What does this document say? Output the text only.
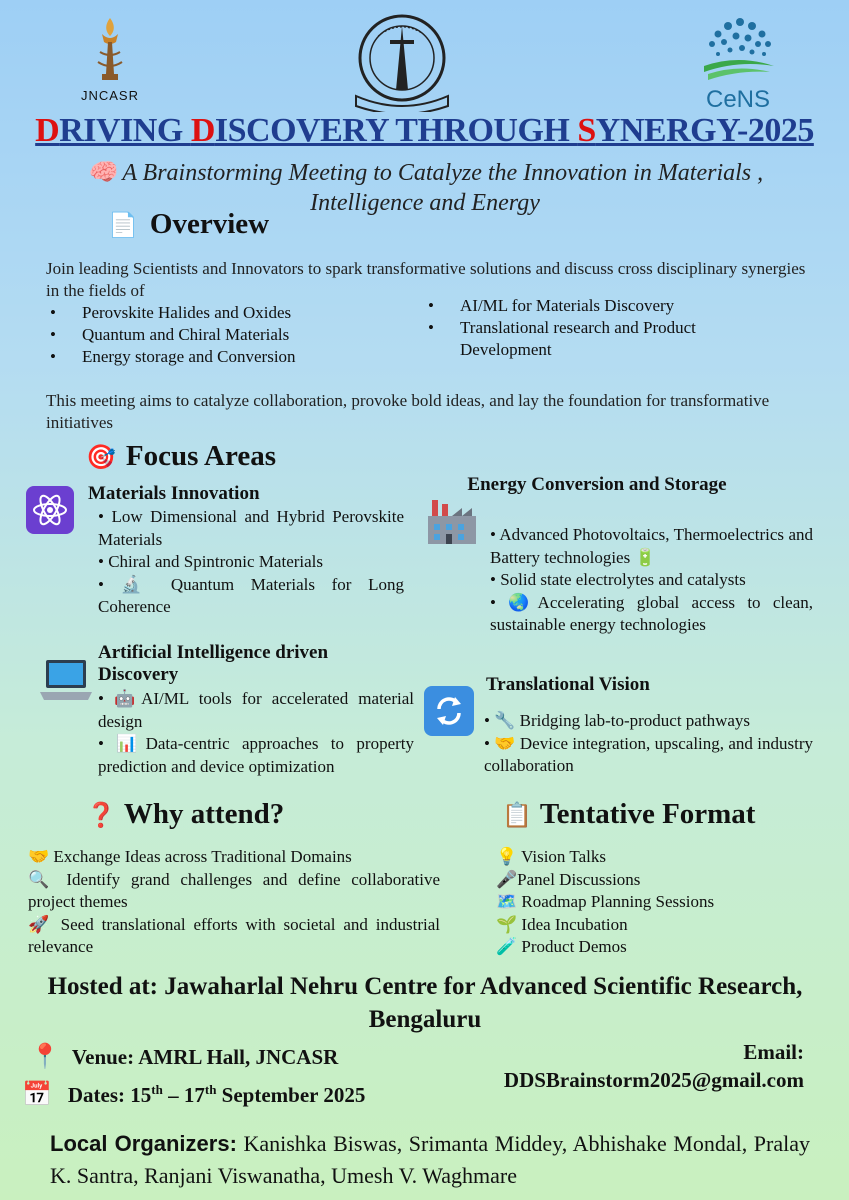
JNCASR	CeNS
DRIVING DISCOVERY THROUGH SYNERGY-2025
🧠 A Brainstorming Meeting to Catalyze the Innovation in Materials ,
Intelligence and Energy
📄 Overview
Join leading Scientists and Innovators to spark transformative solutions and discuss cross disciplinary synergies in the fields of
• Perovskite Halides and Oxides
• Quantum and Chiral Materials
• Energy storage and Conversion
• AI/ML for Materials Discovery
• Translational research and Product Development
This meeting aims to catalyze collaboration, provoke bold ideas, and lay the foundation for transformative initiatives
🎯 Focus Areas
Materials Innovation
• Low Dimensional and Hybrid Perovskite Materials
• Chiral and Spintronic Materials
• 🔬 Quantum Materials for Long Coherence
Energy Conversion and Storage
• Advanced Photovoltaics, Thermoelectrics and Battery technologies 🔋
• Solid state electrolytes and catalysts
• 🌏Accelerating global access to clean, sustainable energy technologies
Artificial Intelligence driven Discovery
• 🤖AI/ML tools for accelerated material design
• 📊Data-centric approaches to property prediction and device optimization
Translational Vision
• 🔧 Bridging lab-to-product pathways
• 🤝 Device integration, upscaling, and industry collaboration
❓ Why attend?
🤝 Exchange Ideas across Traditional Domains
🔍 Identify grand challenges and define collaborative project themes
🚀 Seed translational efforts with societal and industrial relevance
📋 Tentative Format
💡 Vision Talks
🎤Panel Discussions
🗺️ Roadmap Planning Sessions
🌱 Idea Incubation
🧪 Product Demos
Hosted at: Jawaharlal Nehru Centre for Advanced Scientific Research, Bengaluru
📍 Venue: AMRL Hall, JNCASR
📅 Dates: 15th – 17th September 2025
Email:
DDSBrainstorm2025@gmail.com
Local Organizers: Kanishka Biswas, Srimanta Middey, Abhishake Mondal, Pralay K. Santra, Ranjani Viswanatha, Umesh V. Waghmare
